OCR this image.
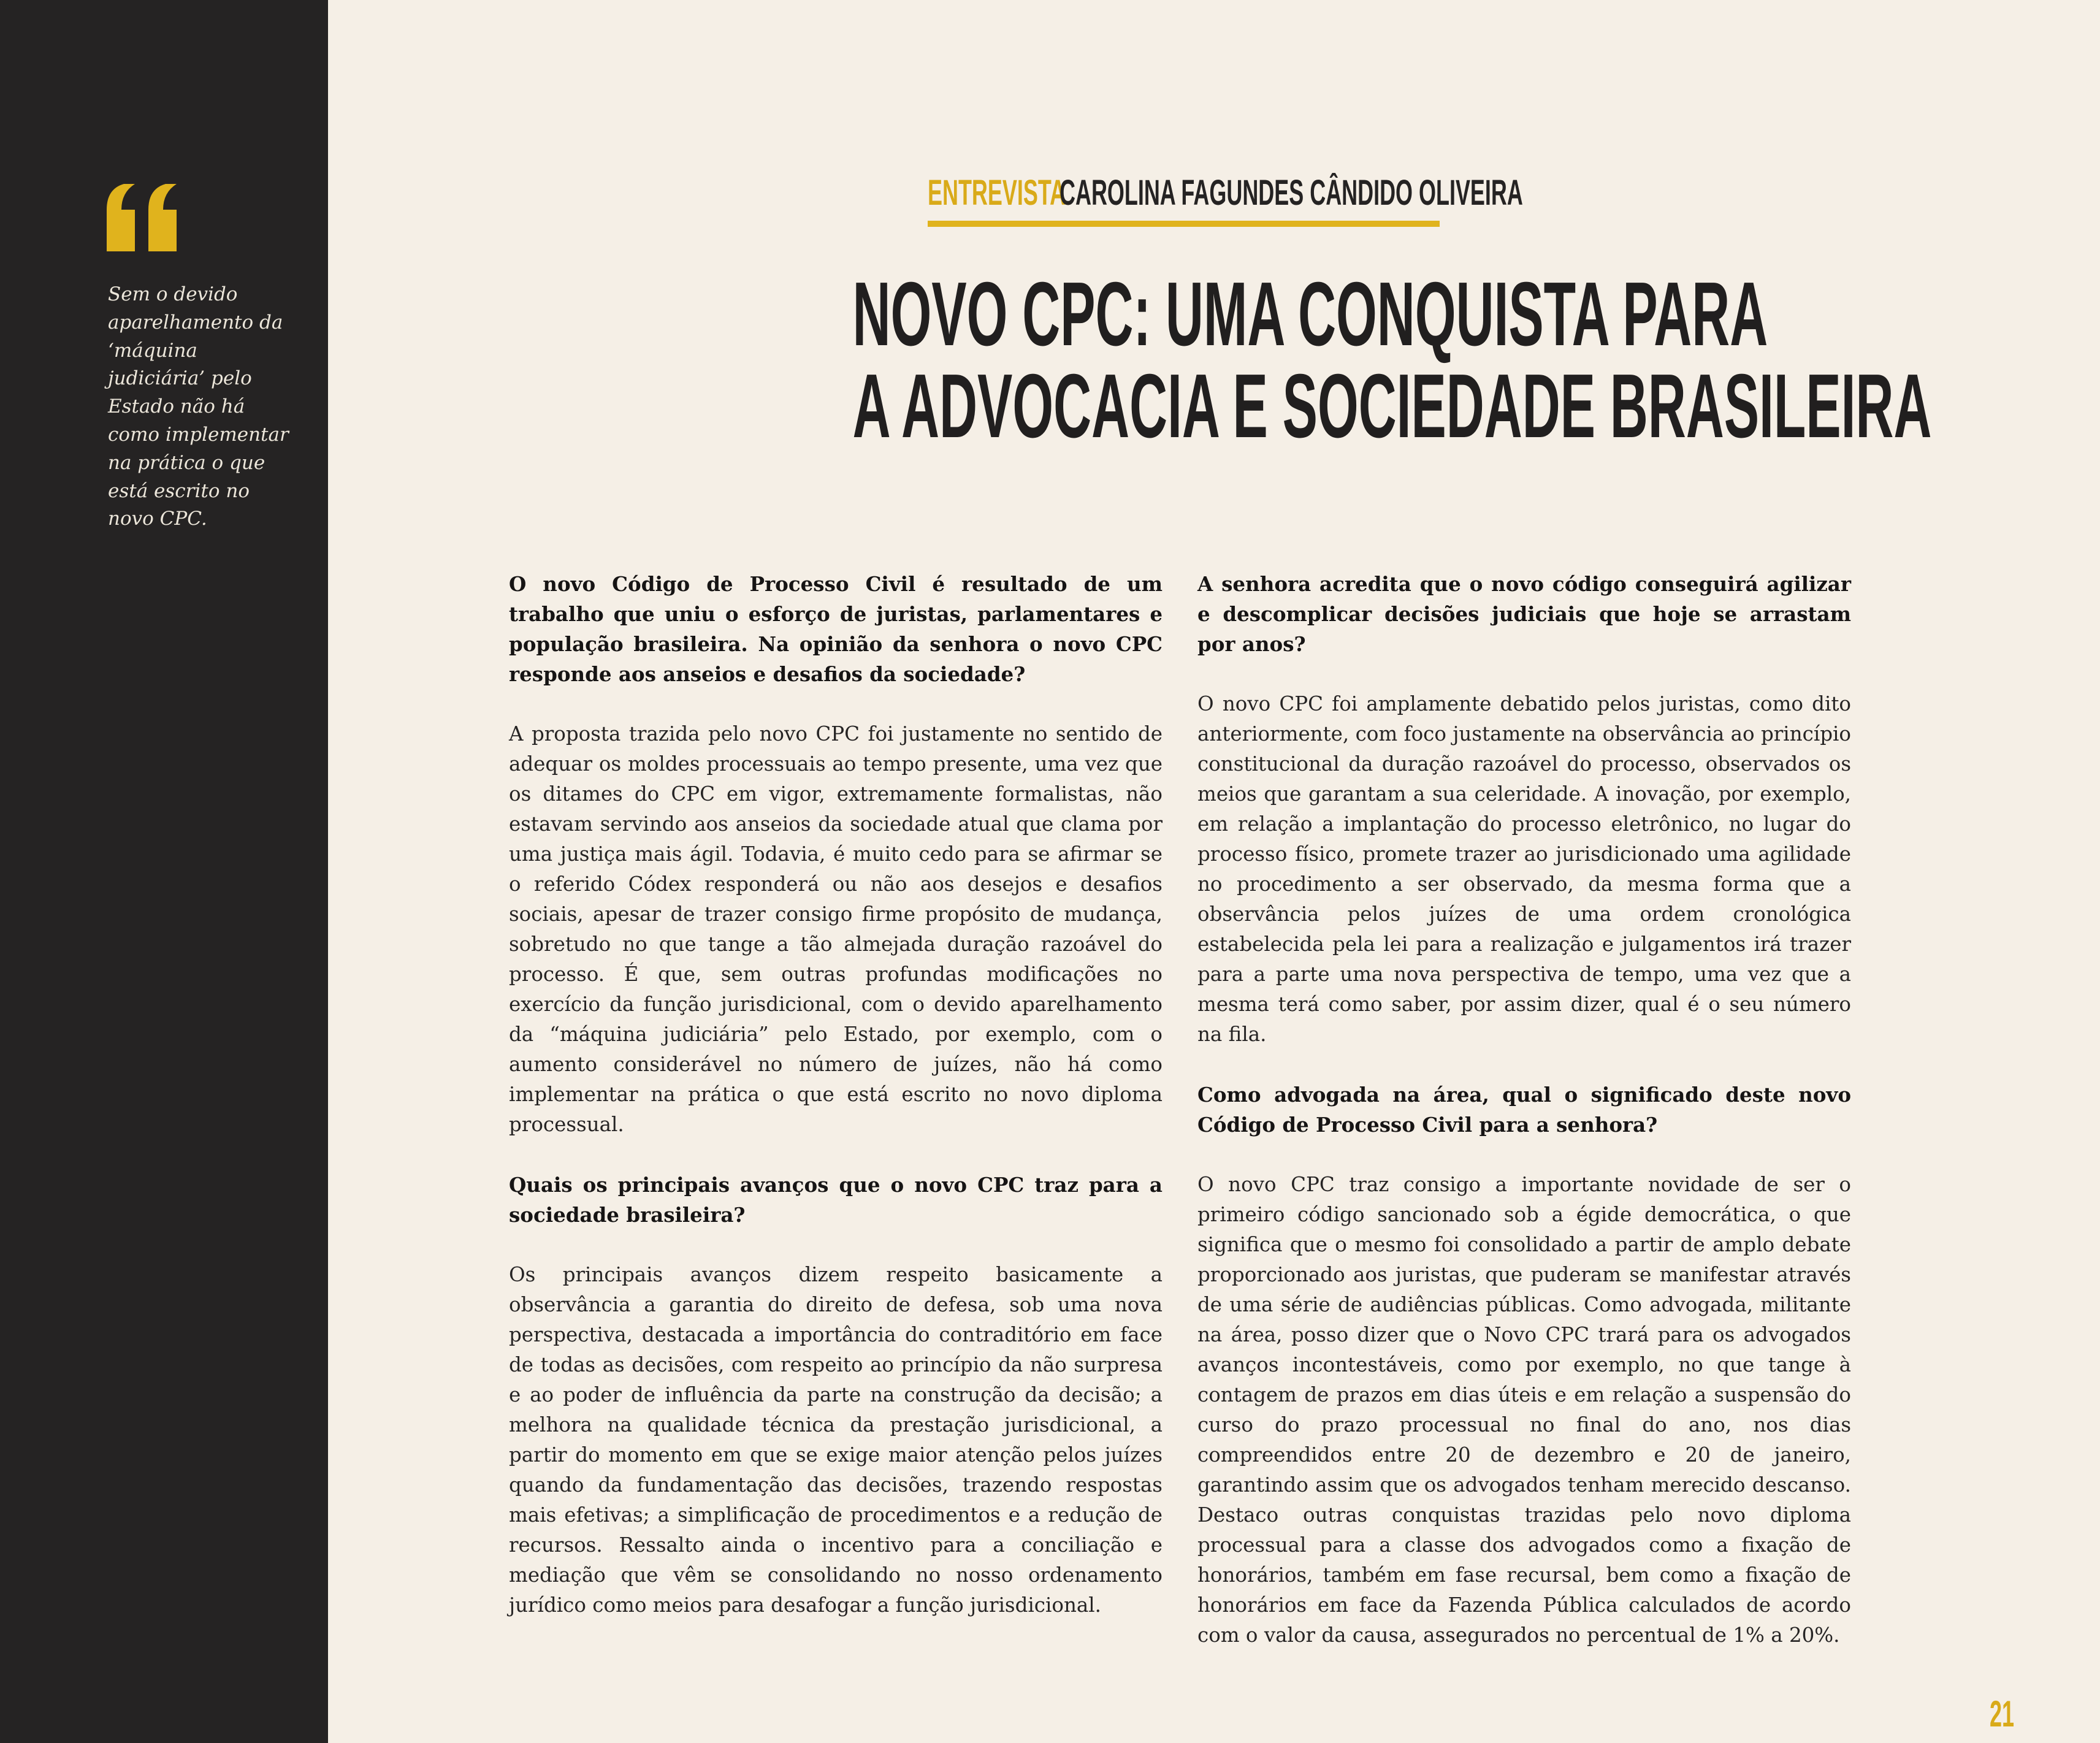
Sem o devido aparelhamento da ‘máquina judiciária’ pelo Estado não há como implementar na prática o que está escrito no novo CPC.

ENTREVISTA
CAROLINA FAGUNDES CÂNDIDO OLIVEIRA
NOVO CPC: UMA CONQUISTA PARA
A ADVOCACIA E SOCIEDADE BRASILEIRA

O novo Código de Processo Civil é resultado de um trabalho que uniu o esforço de juristas, parlamentares e população brasileira. Na opinião da senhora o novo CPC responde aos anseios e desafios da sociedade?

A proposta trazida pelo novo CPC foi justamente no sentido de adequar os moldes processuais ao tempo presente, uma vez que os ditames do CPC em vigor, extremamente formalistas, não estavam servindo aos anseios da sociedade atual que clama por uma justiça mais ágil. Todavia, é muito cedo para se afirmar se o referido Códex responderá ou não aos desejos e desafios sociais, apesar de trazer consigo firme propósito de mudança, sobretudo no que tange a tão almejada duração razoável do processo. É que, sem outras profundas modificações no exercício da função jurisdicional, com o devido aparelhamento da “máquina judiciária” pelo Estado, por exemplo, com o aumento considerável no número de juízes, não há como implementar na prática o que está escrito no novo diploma processual.

Quais os principais avanços que o novo CPC traz para a sociedade brasileira?

Os principais avanços dizem respeito basicamente a observância a garantia do direito de defesa, sob uma nova perspectiva, destacada a importância do contraditório em face de todas as decisões, com respeito ao princípio da não surpresa e ao poder de influência da parte na construção da decisão; a melhora na qualidade técnica da prestação jurisdicional, a partir do momento em que se exige maior atenção pelos juízes quando da fundamentação das decisões, trazendo respostas mais efetivas; a simplificação de procedimentos e a redução de recursos. Ressalto ainda o incentivo para a conciliação e mediação que vêm se consolidando no nosso ordenamento jurídico como meios para desafogar a função jurisdicional.

A senhora acredita que o novo código conseguirá agilizar e descomplicar decisões judiciais que hoje se arrastam por anos?

O novo CPC foi amplamente debatido pelos juristas, como dito anteriormente, com foco justamente na observância ao princípio constitucional da duração razoável do processo, observados os meios que garantam a sua celeridade. A inovação, por exemplo, em relação a implantação do processo eletrônico, no lugar do processo físico, promete trazer ao jurisdicionado uma agilidade no procedimento a ser observado, da mesma forma que a observância pelos juízes de uma ordem cronológica estabelecida pela lei para a realização e julgamentos irá trazer para a parte uma nova perspectiva de tempo, uma vez que a mesma terá como saber, por assim dizer, qual é o seu número na fila.

Como advogada na área, qual o significado deste novo Código de Processo Civil para a senhora?

O novo CPC traz consigo a importante novidade de ser o primeiro código sancionado sob a égide democrática, o que significa que o mesmo foi consolidado a partir de amplo debate proporcionado aos juristas, que puderam se manifestar através de uma série de audiências públicas. Como advogada, militante na área, posso dizer que o Novo CPC trará para os advogados avanços incontestáveis, como por exemplo, no que tange à contagem de prazos em dias úteis e em relação a suspensão do curso do prazo processual no final do ano, nos dias compreendidos entre 20 de dezembro e 20 de janeiro, garantindo assim que os advogados tenham merecido descanso. Destaco outras conquistas trazidas pelo novo diploma processual para a classe dos advogados como a fixação de honorários, também em fase recursal, bem como a fixação de honorários em face da Fazenda Pública calculados de acordo com o valor da causa, assegurados no percentual de 1% a 20%.

21
